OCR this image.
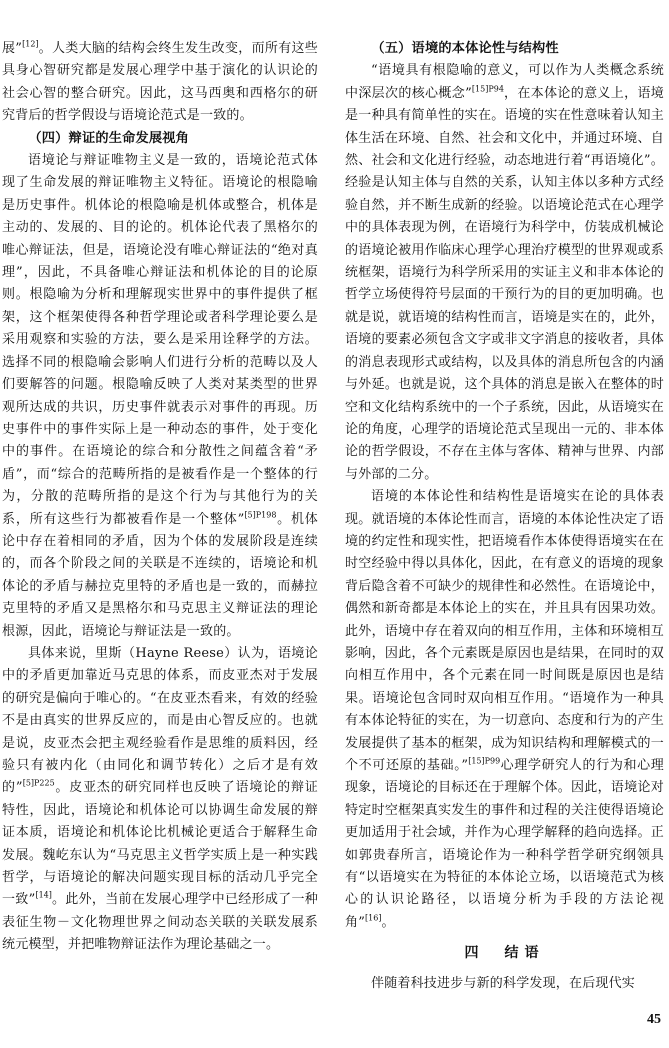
展”[12]。人类大脑的结构会终生发生改变，而所有这些具身心智研究都是发展心理学中基于演化的认识论的社会心智的整合研究。因此，这马西奥和西格尔的研究背后的哲学假设与语境论范式是一致的。

（四）辩证的生命发展视角

语境论与辩证唯物主义是一致的，语境论范式体现了生命发展的辩证唯物主义特征。语境论的根隐喻是历史事件。机体论的根隐喻是机体或整合，机体是主动的、发展的、目的论的。机体论代表了黑格尔的唯心辩证法，但是，语境论没有唯心辩证法的“绝对真理”，因此，不具备唯心辩证法和机体论的目的论原则。根隐喻为分析和理解现实世界中的事件提供了框架，这个框架使得各种哲学理论或者科学理论要么是采用观察和实验的方法，要么是采用诠释学的方法。选择不同的根隐喻会影响人们进行分析的范畴以及人们要解答的问题。根隐喻反映了人类对某类型的世界观所达成的共识，历史事件就表示对事件的再现。历史事件中的事件实际上是一种动态的事件，处于变化中的事件。在语境论的综合和分散性之间蕴含着“矛盾”，而“综合的范畴所指的是被看作是一个整体的行为，分散的范畴所指的是这个行为与其他行为的关系，所有这些行为都被看作是一个整体”$^{[5]P198}$。机体论中存在着相同的矛盾，因为个体的发展阶段是连续的，而各个阶段之间的关联是不连续的，语境论和机体论的矛盾与赫拉克里特的矛盾也是一致的，而赫拉克里特的矛盾又是黑格尔和马克思主义辩证法的理论根源，因此，语境论与辩证法是一致的。

具体来说，里斯（Hayne Reese）认为，语境论中的矛盾更加靠近马克思的体系，而皮亚杰对于发展的研究是偏向于唯心的。“在皮亚杰看来，有效的经验不是由真实的世界反应的，而是由心智反应的。也就是说，皮亚杰会把主观经验看作是思维的质料因，经验只有被内化（由同化和调节转化）之后才是有效的”$^{[5]P225}$。皮亚杰的研究同样也反映了语境论的辩证特性，因此，语境论和机体论可以协调生命发展的辩证本质，语境论和机体论比机械论更适合于解释生命发展。魏屹东认为“马克思主义哲学实质上是一种实践哲学，与语境论的解决问题实现目标的活动几乎完全一致”[14]。此外，当前在发展心理学中已经形成了一种表征生物－文化物理世界之间动态关联的关联发展系统元模型，并把唯物辩证法作为理论基础之一。

（五）语境的本体论性与结构性

“语境具有根隐喻的意义，可以作为人类概念系统中深层次的核心概念”$^{[15]P94}$，在本体论的意义上，语境是一种具有简单性的实在。语境的实在性意味着认知主体生活在环境、自然、社会和文化中，并通过环境、自然、社会和文化进行经验，动态地进行着“再语境化”。经验是认知主体与自然的关系，认知主体以多种方式经验自然，并不断生成新的经验。以语境论范式在心理学中的具体表现为例，在语境行为科学中，仿装成机械论的语境论被用作临床心理学心理治疗模型的世界观或系统框架，语境行为科学所采用的实证主义和非本体论的哲学立场使得符号层面的干预行为的目的更加明确。也就是说，就语境的结构性而言，语境是实在的，此外，语境的要素必须包含文字或非文字消息的接收者，具体的消息表现形式或结构，以及具体的消息所包含的内涵与外延。也就是说，这个具体的消息是嵌入在整体的时空和文化结构系统中的一个子系统，因此，从语境实在论的角度，心理学的语境论范式呈现出一元的、非本体论的哲学假设，不存在主体与客体、精神与世界、内部与外部的二分。

语境的本体论性和结构性是语境实在论的具体表现。就语境的本体论性而言，语境的本体论性决定了语境的约定性和现实性，把语境看作本体使得语境实在在时空经验中得以具体化，因此，在有意义的语境的现象背后隐含着不可缺少的规律性和必然性。在语境论中，偶然和新奇都是本体论上的实在，并且具有因果功效。此外，语境中存在着双向的相互作用，主体和环境相互影响，因此，各个元素既是原因也是结果，在同时的双向相互作用中，各个元素在同一时间既是原因也是结果。语境论包含同时双向相互作用。“语境作为一种具有本体论特征的实在，为一切意向、态度和行为的产生发展提供了基本的框架，成为知识结构和理解模式的一个不可还原的基础。”$^{[15]P99}$心理学研究人的行为和心理现象，语境论的目标还在于理解个体。因此，语境论对特定时空框架真实发生的事件和过程的关注使得语境论更加适用于社会域，并作为心理学解释的趋向选择。正如郭贵春所言，语境论作为一种科学哲学研究纲领具有“以语境实在为特征的本体论立场，以语境范式为核心的认识论路径，以语境分析为手段的方法论视角”[16]。

四　结语

伴随着科技进步与新的科学发现，在后现代实

45
